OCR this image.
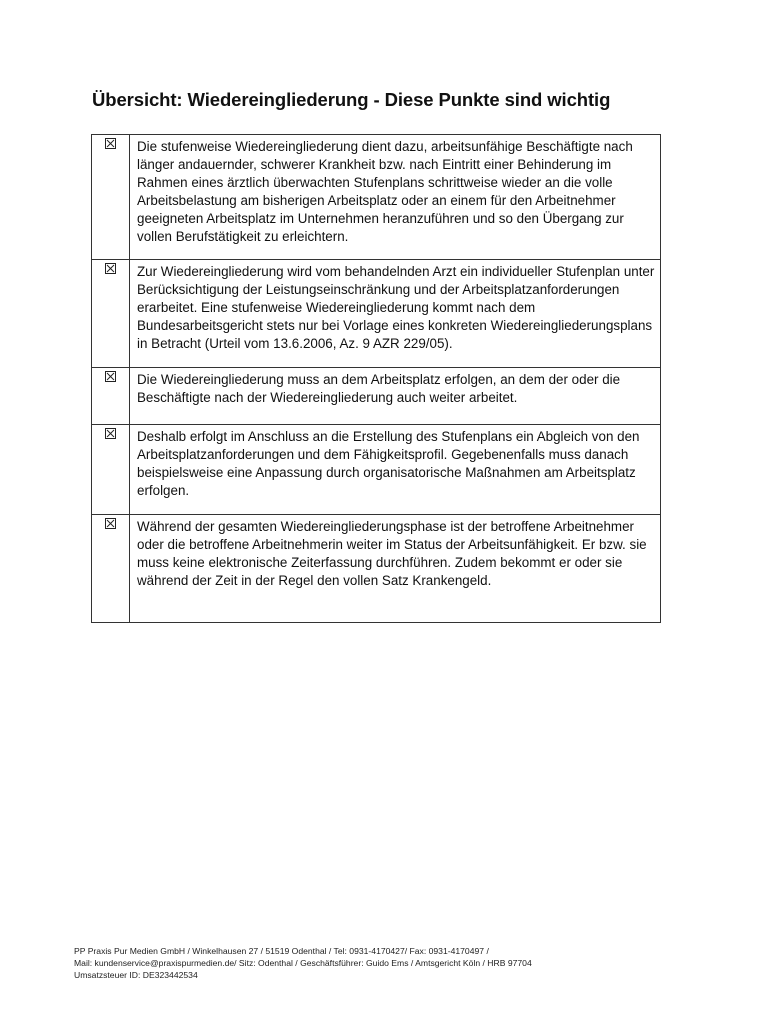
Übersicht: Wiedereingliederung - Diese Punkte sind wichtig
	Die stufenweise Wiedereingliederung dient dazu, arbeitsunfähige Beschäftigte nach länger andauernder, schwerer Krankheit bzw. nach Eintritt einer Behinderung im Rahmen eines ärztlich überwachten Stufenplans schrittweise wieder an die volle Arbeitsbelastung am bisherigen Arbeitsplatz oder an einem für den Arbeitnehmer geeigneten Arbeitsplatz im Unternehmen heranzuführen und so den Übergang zur vollen Berufstätigkeit zu erleichtern.

	Zur Wiedereingliederung wird vom behandelnden Arzt ein individueller Stufenplan unter Berücksichtigung der Leistungseinschränkung und der Arbeitsplatzanforderungen erarbeitet. Eine stufenweise Wiedereingliederung kommt nach dem Bundesarbeitsgericht stets nur bei Vorlage eines konkreten Wiedereingliederungsplans in Betracht (Urteil vom 13.6.2006, Az. 9 AZR 229/05).

	Die Wiedereingliederung muss an dem Arbeitsplatz erfolgen, an dem der oder die Beschäftigte nach der Wiedereingliederung auch weiter arbeitet.

	Deshalb erfolgt im Anschluss an die Erstellung des Stufenplans ein Abgleich von den Arbeitsplatzanforderungen und dem Fähigkeitsprofil. Gegebenenfalls muss danach beispielsweise eine Anpassung durch organisatorische Maßnahmen am Arbeitsplatz erfolgen.

	Während der gesamten Wiedereingliederungsphase ist der betroffene Arbeitnehmer oder die betroffene Arbeitnehmerin weiter im Status der Arbeitsunfähigkeit. Er bzw. sie muss keine elektronische Zeiterfassung durchführen. Zudem bekommt er oder sie während der Zeit in der Regel den vollen Satz Krankengeld.
PP Praxis Pur Medien GmbH / Winkelhausen 27 / 51519 Odenthal / Tel: 0931-4170427/ Fax: 0931-4170497 /
Mail: kundenservice@praxispurmedien.de/ Sitz: Odenthal / Geschäftsführer: Guido Ems / Amtsgericht Köln / HRB 97704
Umsatzsteuer ID: DE323442534
